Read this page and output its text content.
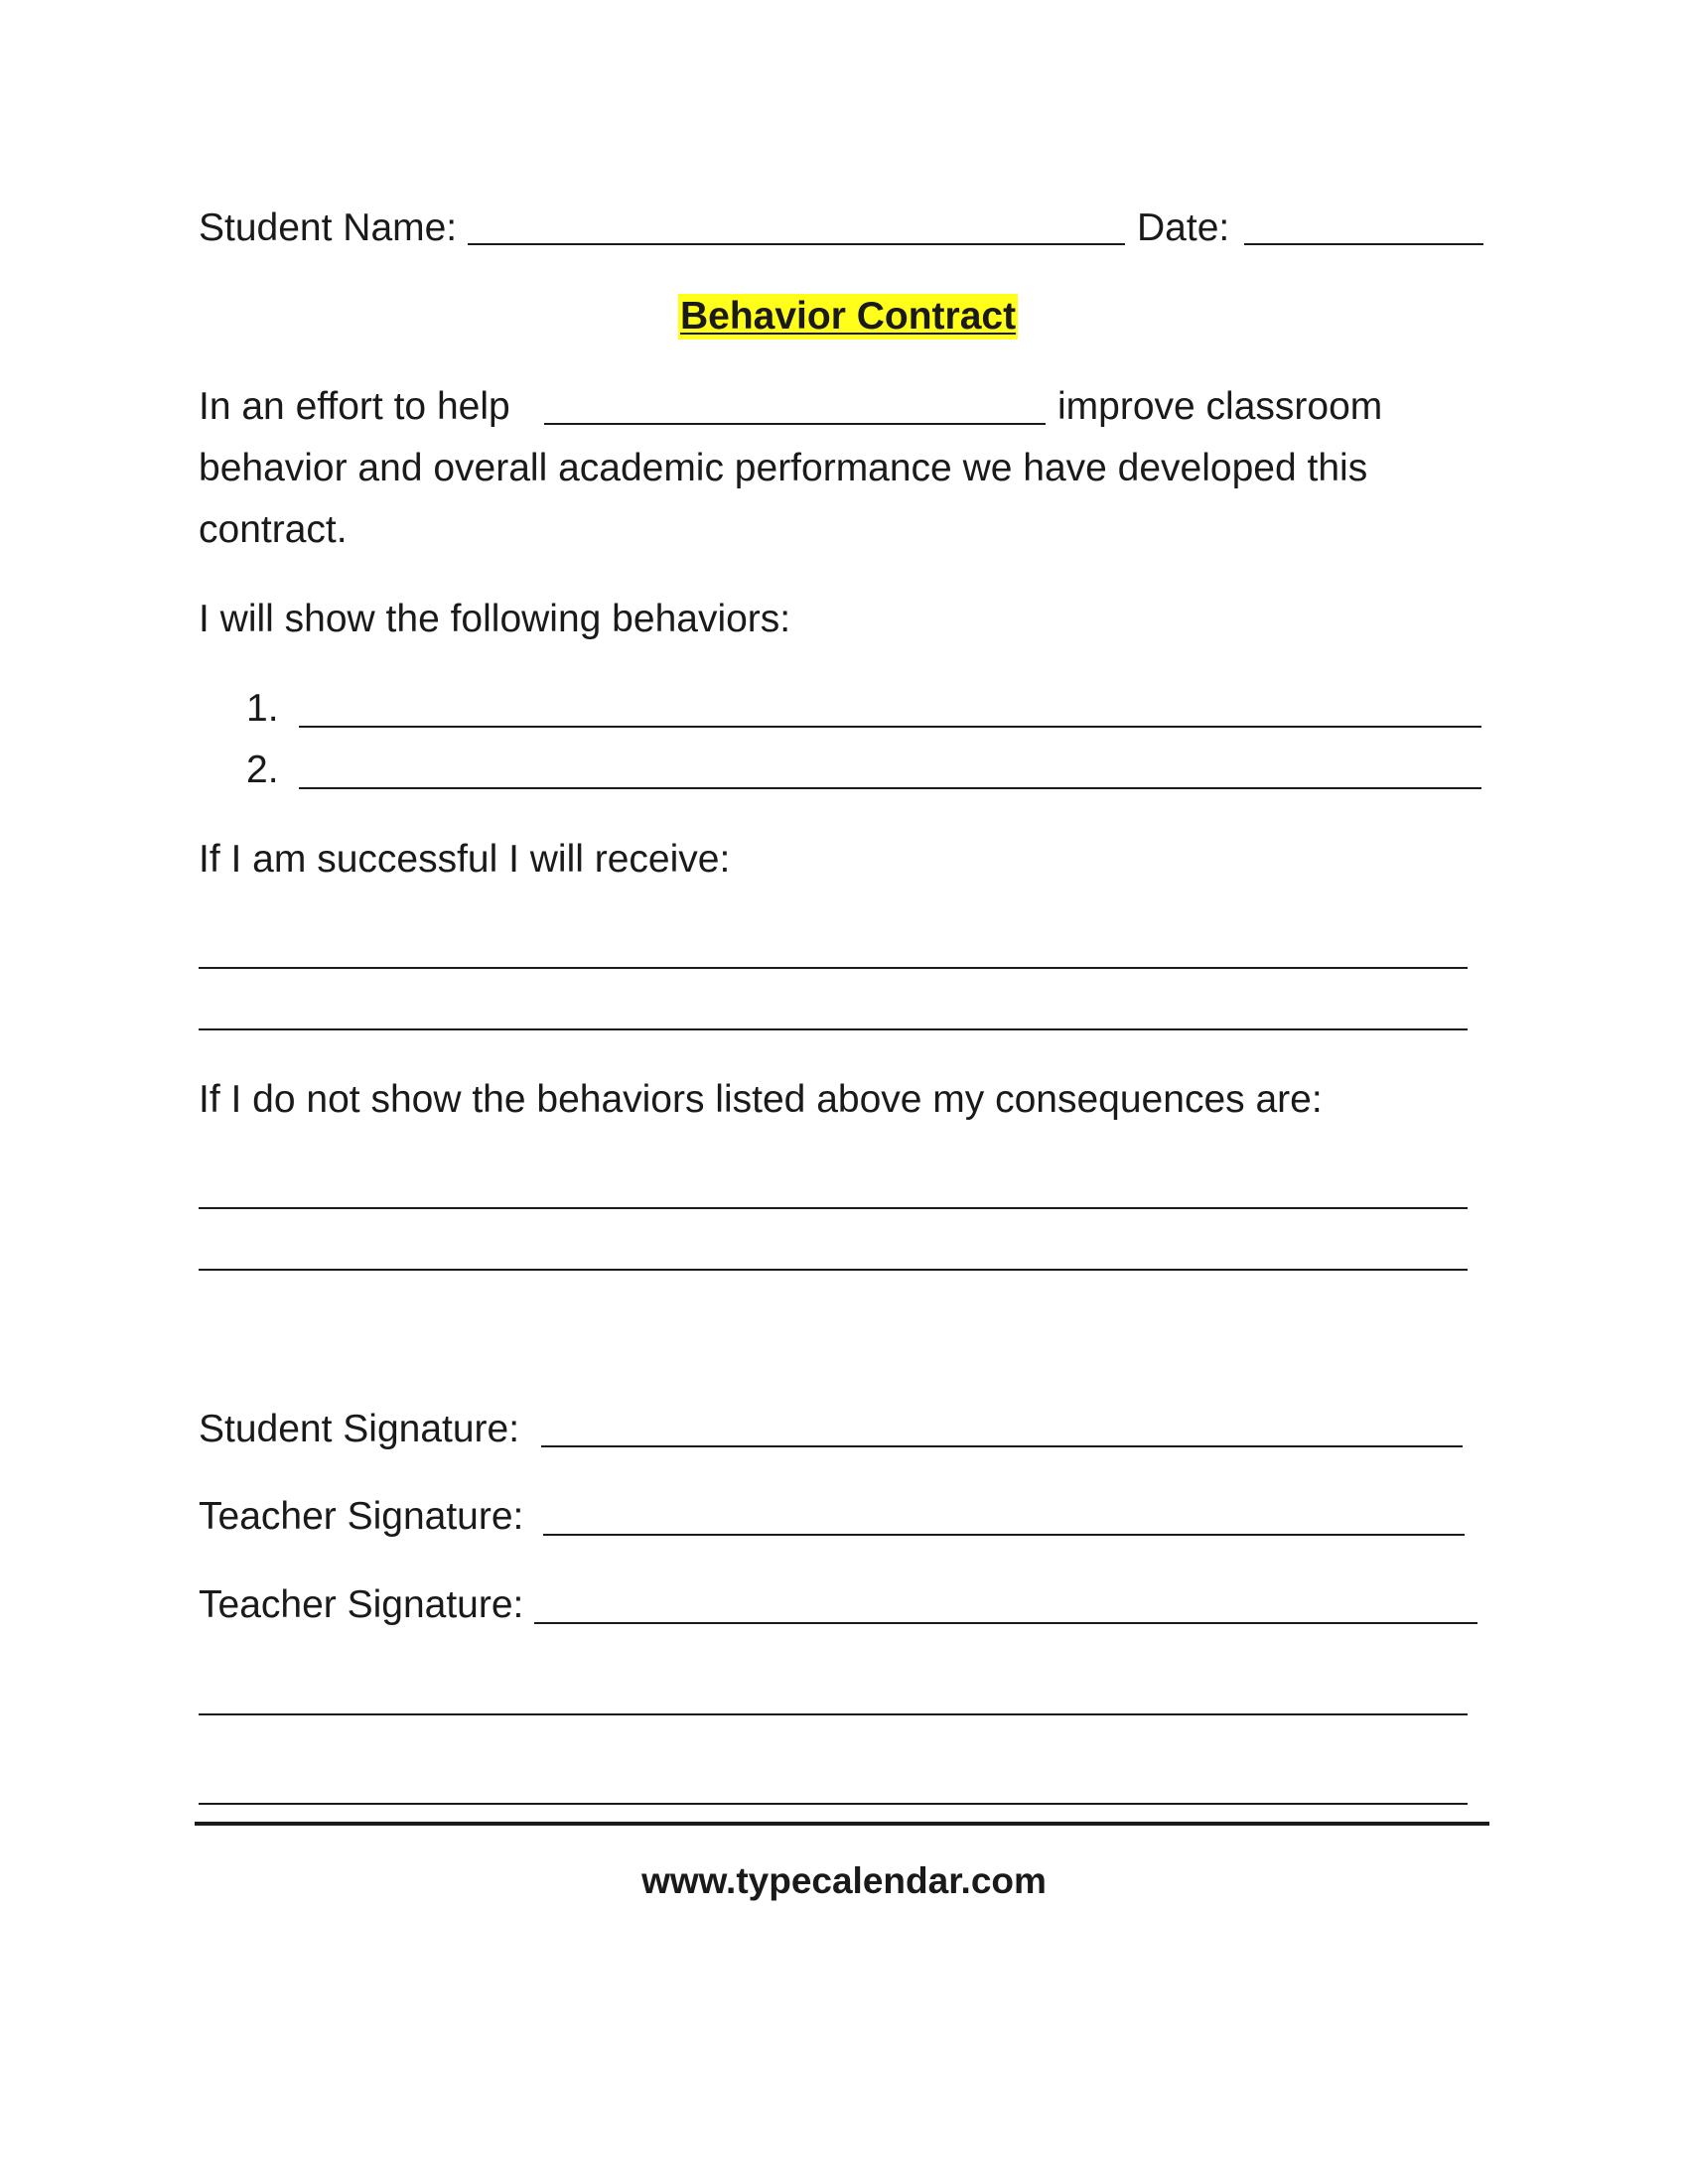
Student Name:	Date:
Behavior Contract
In an effort to help	improve classroom
behavior and overall academic performance we have developed this
contract.
I will show the following behaviors:
1.
2.
If I am successful I will receive:
If I do not show the behaviors listed above my consequences are:
Student Signature:
Teacher Signature:
Teacher Signature:
www.typecalendar.com
